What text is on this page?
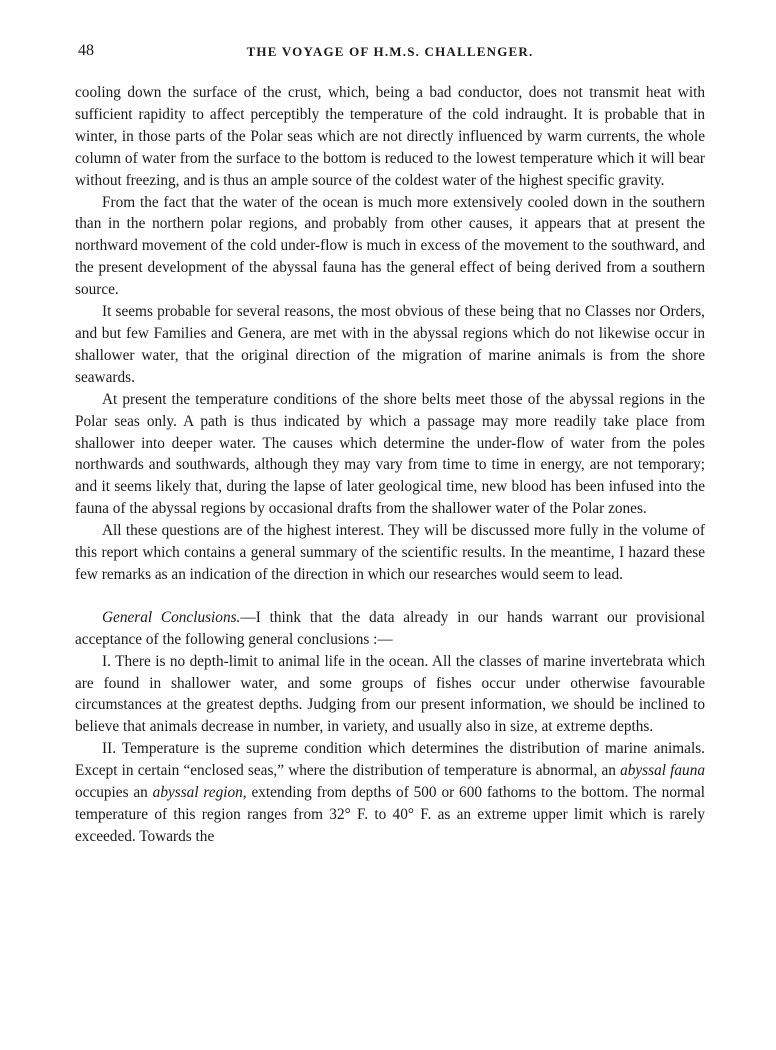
48	THE VOYAGE OF H.M.S. CHALLENGER.

cooling down the surface of the crust, which, being a bad conductor, does not transmit heat with sufficient rapidity to affect perceptibly the temperature of the cold indraught. It is probable that in winter, in those parts of the Polar seas which are not directly influenced by warm currents, the whole column of water from the surface to the bottom is reduced to the lowest temperature which it will bear without freezing, and is thus an ample source of the coldest water of the highest specific gravity.

From the fact that the water of the ocean is much more extensively cooled down in the southern than in the northern polar regions, and probably from other causes, it appears that at present the northward movement of the cold under-flow is much in excess of the movement to the southward, and the present development of the abyssal fauna has the general effect of being derived from a southern source.

It seems probable for several reasons, the most obvious of these being that no Classes nor Orders, and but few Families and Genera, are met with in the abyssal regions which do not likewise occur in shallower water, that the original direction of the migration of marine animals is from the shore seawards.

At present the temperature conditions of the shore belts meet those of the abyssal regions in the Polar seas only. A path is thus indicated by which a passage may more readily take place from shallower into deeper water. The causes which determine the under-flow of water from the poles northwards and southwards, although they may vary from time to time in energy, are not temporary; and it seems likely that, during the lapse of later geological time, new blood has been infused into the fauna of the abyssal regions by occasional drafts from the shallower water of the Polar zones.

All these questions are of the highest interest. They will be discussed more fully in the volume of this report which contains a general summary of the scientific results. In the meantime, I hazard these few remarks as an indication of the direction in which our researches would seem to lead.

General Conclusions.—I think that the data already in our hands warrant our provisional acceptance of the following general conclusions :—

I. There is no depth-limit to animal life in the ocean. All the classes of marine invertebrata which are found in shallower water, and some groups of fishes occur under otherwise favourable circumstances at the greatest depths. Judging from our present information, we should be inclined to believe that animals decrease in number, in variety, and usually also in size, at extreme depths.

II. Temperature is the supreme condition which determines the distribution of marine animals. Except in certain “enclosed seas,” where the distribution of temperature is abnormal, an abyssal fauna occupies an abyssal region, extending from depths of 500 or 600 fathoms to the bottom. The normal temperature of this region ranges from 32° F. to 40° F. as an extreme upper limit which is rarely exceeded. Towards the
